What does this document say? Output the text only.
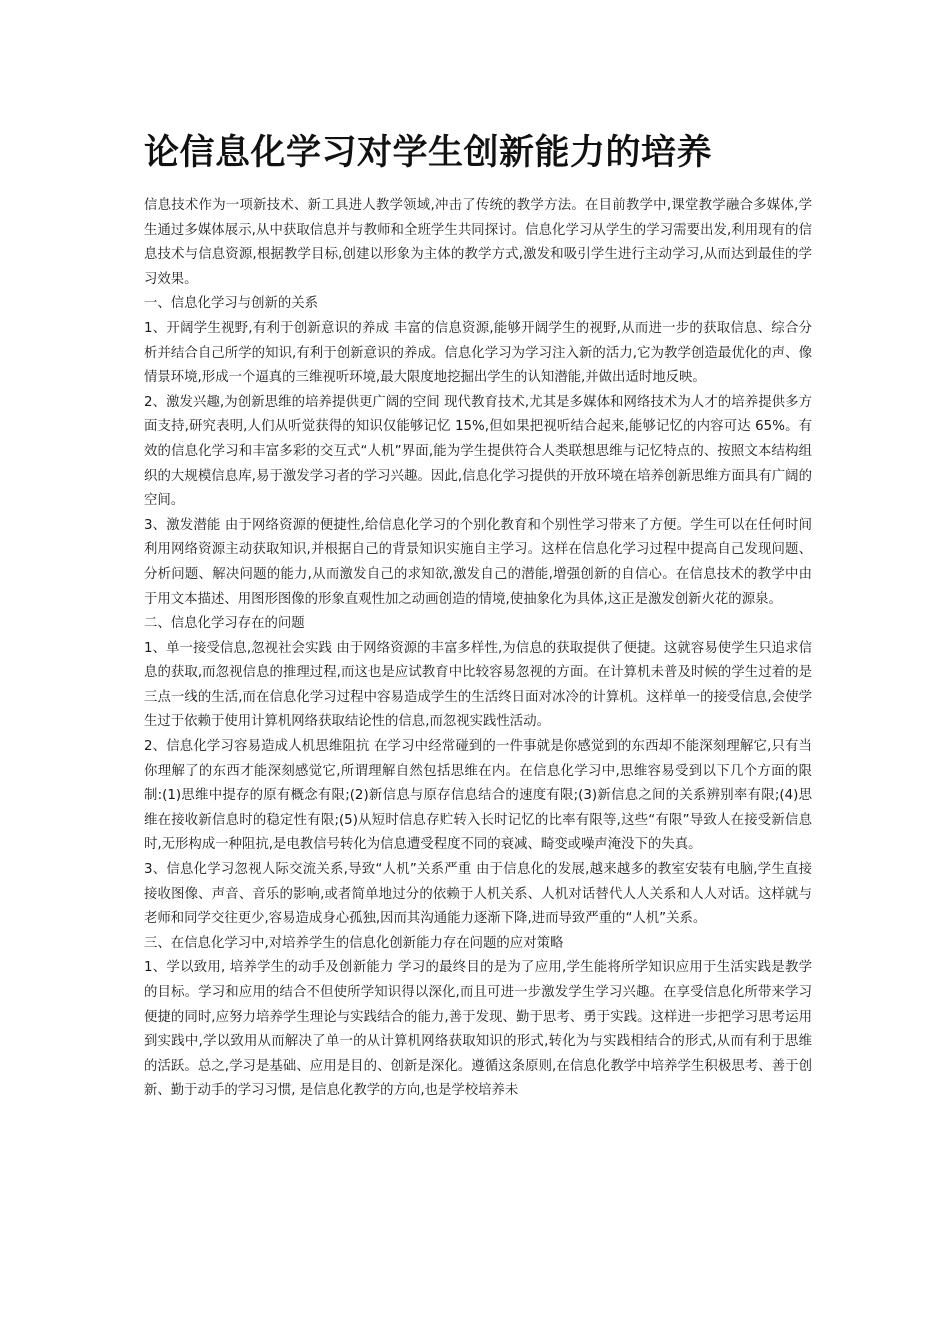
论信息化学习对学生创新能力的培养

信息技术作为一项新技术、新工具进人教学领域,冲击了传统的教学方法。在目前教学中,课堂教学融合多媒体,学生通过多媒体展示,从中获取信息并与教师和全班学生共同探讨。信息化学习从学生的学习需要出发,利用现有的信息技术与信息资源,根据教学目标,创建以形象为主体的教学方式,激发和吸引学生进行主动学习,从而达到最佳的学习效果。

一、信息化学习与创新的关系

1、开阔学生视野,有利于创新意识的养成 丰富的信息资源,能够开阔学生的视野,从而进一步的获取信息、综合分析并结合自己所学的知识,有利于创新意识的养成。信息化学习为学习注入新的活力,它为教学创造最优化的声、像情景环境,形成一个逼真的三维视听环境,最大限度地挖掘出学生的认知潜能,并做出适时地反映。

2、激发兴趣,为创新思维的培养提供更广阔的空间 现代教育技术,尤其是多媒体和网络技术为人才的培养提供多方面支持,研究表明,人们从听觉获得的知识仅能够记忆 15%,但如果把视听结合起来,能够记忆的内容可达 65%。有效的信息化学习和丰富多彩的交互式“人机”界面,能为学生提供符合人类联想思维与记忆特点的、按照文本结构组织的大规模信息库,易于激发学习者的学习兴趣。因此,信息化学习提供的开放环境在培养创新思维方面具有广阔的空间。

3、激发潜能 由于网络资源的便捷性,给信息化学习的个别化教育和个别性学习带来了方便。学生可以在任何时间利用网络资源主动获取知识,并根据自己的背景知识实施自主学习。这样在信息化学习过程中提高自己发现问题、分析问题、解决问题的能力,从而激发自己的求知欲,激发自己的潜能,增强创新的自信心。在信息技术的教学中由于用文本描述、用图形图像的形象直观性加之动画创造的情境,使抽象化为具体,这正是激发创新火花的源泉。

二、信息化学习存在的问题

1、单一接受信息,忽视社会实践 由于网络资源的丰富多样性,为信息的获取提供了便捷。这就容易使学生只追求信息的获取,而忽视信息的推理过程,而这也是应试教育中比较容易忽视的方面。在计算机未普及时候的学生过着的是三点一线的生活,而在信息化学习过程中容易造成学生的生活终日面对冰冷的计算机。这样单一的接受信息,会使学生过于依赖于使用计算机网络获取结论性的信息,而忽视实践性活动。

2、信息化学习容易造成人机思维阻抗 在学习中经常碰到的一件事就是你感觉到的东西却不能深刻理解它,只有当你理解了的东西才能深刻感觉它,所谓理解自然包括思维在内。在信息化学习中,思维容易受到以下几个方面的限制:(1)思维中提存的原有概念有限;(2)新信息与原存信息结合的速度有限;(3)新信息之间的关系辨别率有限;(4)思维在接收新信息时的稳定性有限;(5)从短时信息存贮转入长时记忆的比率有限等,这些“有限”导致人在接受新信息时,无形构成一种阻抗,是电教信号转化为信息遭受程度不同的衰减、畸变或噪声淹没下的失真。

3、信息化学习忽视人际交流关系,导致“人机”关系严重 由于信息化的发展,越来越多的教室安装有电脑,学生直接接收图像、声音、音乐的影响,或者简单地过分的依赖于人机关系、人机对话替代人人关系和人人对话。这样就与老师和同学交往更少,容易造成身心孤独,因而其沟通能力逐渐下降,进而导致严重的“人机”关系。

三、在信息化学习中,对培养学生的信息化创新能力存在问题的应对策略

1、学以致用, 培养学生的动手及创新能力 学习的最终目的是为了应用,学生能将所学知识应用于生活实践是教学的目标。学习和应用的结合不但使所学知识得以深化,而且可进一步激发学生学习兴趣。在享受信息化所带来学习便捷的同时,应努力培养学生理论与实践结合的能力,善于发现、勤于思考、勇于实践。这样进一步把学习思考运用到实践中,学以致用从而解决了单一的从计算机网络获取知识的形式,转化为与实践相结合的形式,从而有利于思维的活跃。总之,学习是基础、应用是目的、创新是深化。遵循这条原则,在信息化教学中培养学生积极思考、善于创新、勤于动手的学习习惯, 是信息化教学的方向,也是学校培养未
